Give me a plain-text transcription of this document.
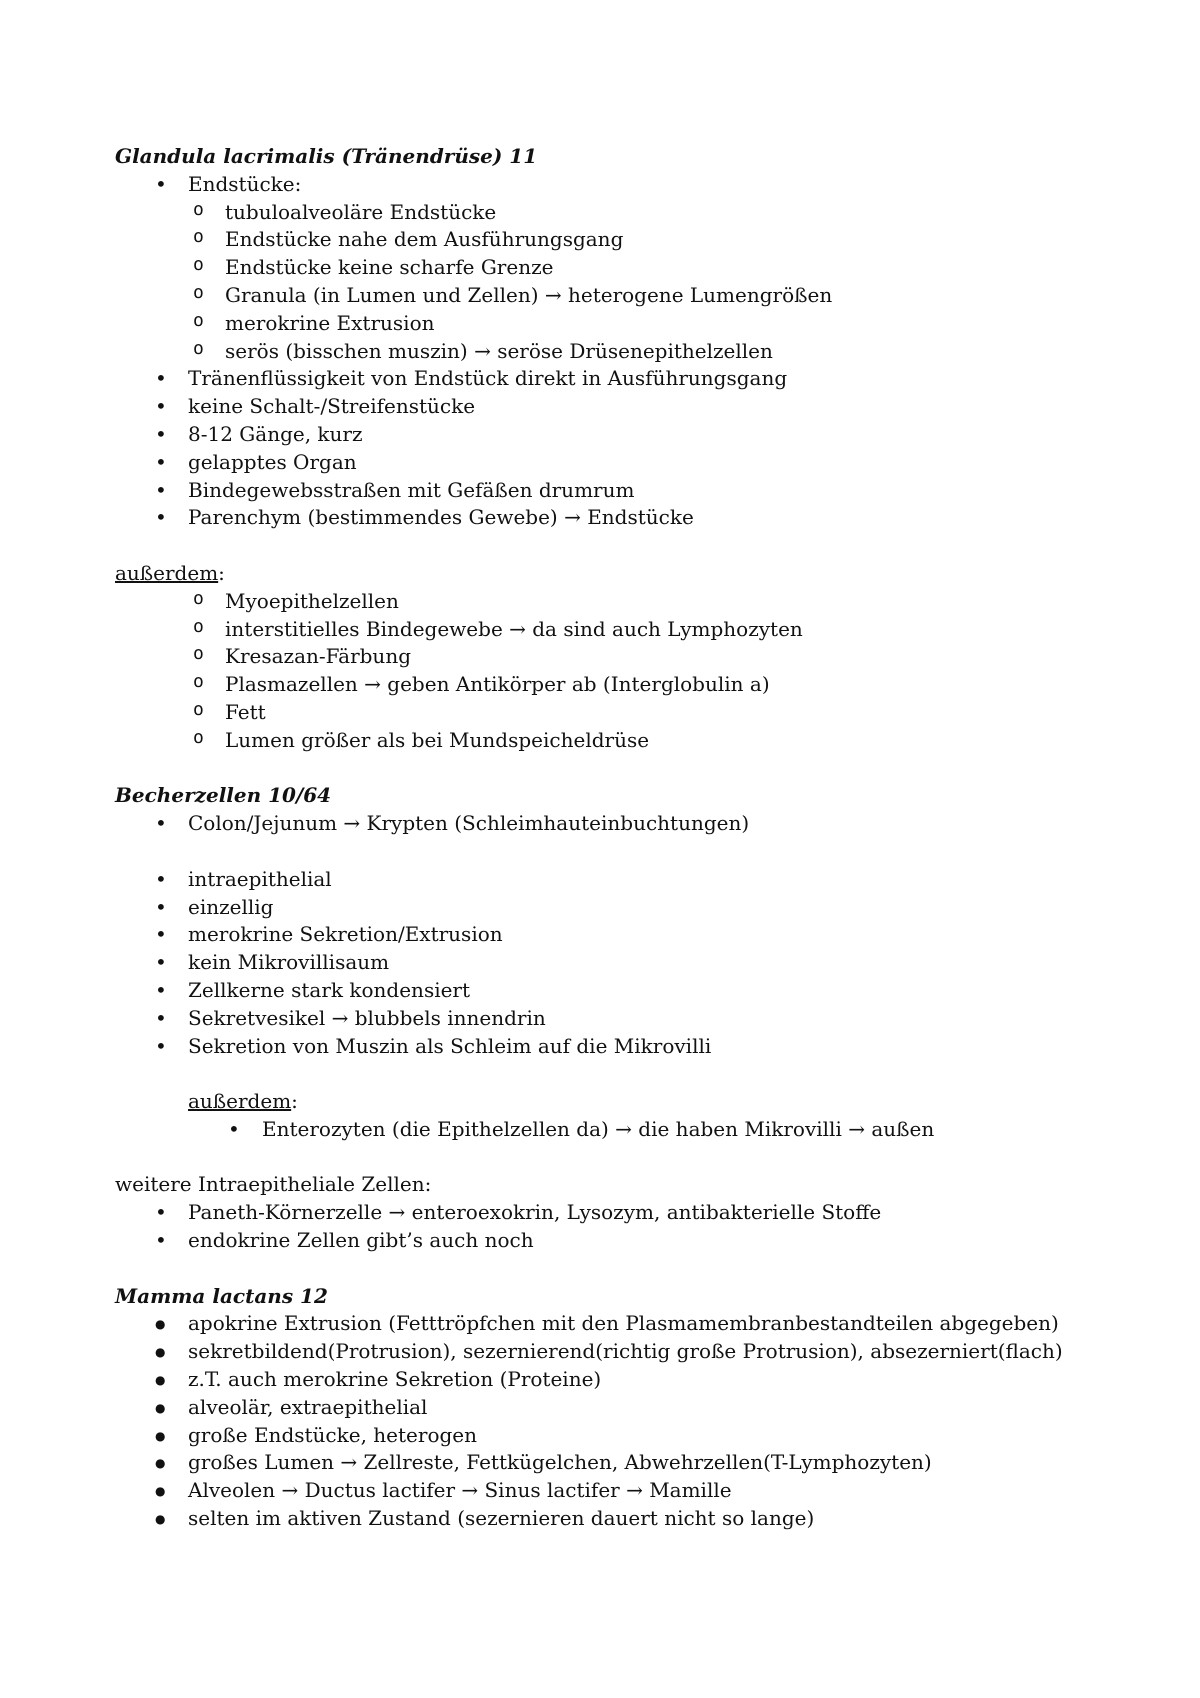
Glandula lacrimalis (Tränendrüse) 11

• Endstücke:
o tubuloalveoläre Endstücke
o Endstücke nahe dem Ausführungsgang
o Endstücke keine scharfe Grenze
o Granula (in Lumen und Zellen) → heterogene Lumengrößen
o merokrine Extrusion
o serös (bisschen muszin) → seröse Drüsenepithelzellen
• Tränenflüssigkeit von Endstück direkt in Ausführungsgang
• keine Schalt-/Streifenstücke
• 8-12 Gänge, kurz
• gelapptes Organ
• Bindegewebsstraßen mit Gefäßen drumrum
• Parenchym (bestimmendes Gewebe) → Endstücke

außerdem:

o Myoepithelzellen
o interstitielles Bindegewebe → da sind auch Lymphozyten
o Kresazan-Färbung
o Plasmazellen → geben Antikörper ab (Interglobulin a)
o Fett
o Lumen größer als bei Mundspeicheldrüse

Becherzellen 10/64

• Colon/Jejunum → Krypten (Schleimhauteinbuchtungen)
• intraepithelial
• einzellig
• merokrine Sekretion/Extrusion
• kein Mikrovillisaum
• Zellkerne stark kondensiert
• Sekretvesikel → blubbels innendrin
• Sekretion von Muszin als Schleim auf die Mikrovilli

außerdem:

• Enterozyten (die Epithelzellen da) → die haben Mikrovilli → außen

weitere Intraepitheliale Zellen:

• Paneth-Körnerzelle → enteroexokrin, Lysozym, antibakterielle Stoffe
• endokrine Zellen gibt’s auch noch

Mamma lactans 12

● apokrine Extrusion (Fetttröpfchen mit den Plasmamembranbestandteilen abgegeben)
● sekretbildend(Protrusion), sezernierend(richtig große Protrusion), absezerniert(flach)
● z.T. auch merokrine Sekretion (Proteine)
● alveolär, extraepithelial
● große Endstücke, heterogen
● großes Lumen → Zellreste, Fettkügelchen, Abwehrzellen(T-Lymphozyten)
● Alveolen → Ductus lactifer → Sinus lactifer → Mamille
● selten im aktiven Zustand (sezernieren dauert nicht so lange)
